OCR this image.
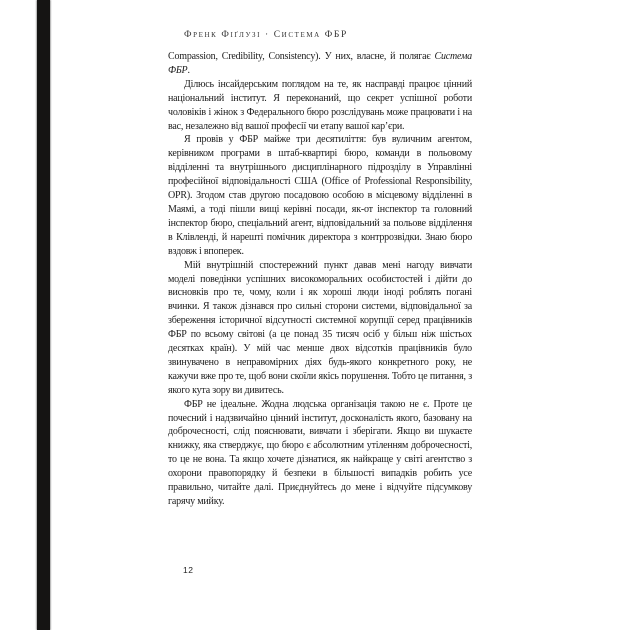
Френк Фіґлузі · Система ФБР

Compassion, Credibility, Consistency). У них, власне, й полягає Система ФБР.

Ділюсь інсайдерським поглядом на те, як насправді працює цінний національний інститут. Я переконаний, що секрет успішної роботи чоловіків і жінок з Федерального бюро розслідувань може працювати і на вас, незалежно від вашої професії чи етапу вашої кар’єри.

Я провів у ФБР майже три десятиліття: був вуличним агентом, керівником програми в штаб-квартирі бюро, команди в польовому відділенні та внутрішнього дисциплінарного підрозділу в Управлінні професійної відповідальності США (Office of Professional Responsibility, OPR). Згодом став другою посадовою особою в місцевому відділенні в Маямі, а тоді пішли вищі керівні посади, як-от інспектор та головний інспектор бюро, спеціальний агент, відповідальний за польове відділення в Клівленді, й нарешті помічник директора з контррозвідки. Знаю бюро вздовж і впоперек.

Мій внутрішній спостережний пункт давав мені нагоду вивчати моделі поведінки успішних високоморальних особистостей і дійти до висновків про те, чому, коли і як хороші люди іноді роблять погані вчинки. Я також дізнався про сильні сторони системи, відповідальної за збереження історичної відсутності системної корупції серед працівників ФБР по всьому світові (а це понад 35 тисяч осіб у більш ніж шістьох десятках країн). У мій час менше двох відсотків працівників було звинувачено в неправомірних діях будь-якого конкретного року, не кажучи вже про те, щоб вони скоїли якісь порушення. Тобто це питання, з якого кута зору ви дивитесь.

ФБР не ідеальне. Жодна людська організація такою не є. Проте це почесний і надзвичайно цінний інститут, досконалість якого, базовану на доброчесності, слід пояснювати, вивчати і зберігати. Якщо ви шукаєте книжку, яка стверджує, що бюро є абсолютним утіленням доброчесності, то це не вона. Та якщо хочете дізнатися, як найкраще у світі агентство з охорони правопорядку й безпеки в більшості випадків робить усе правильно, читайте далі. Приєднуйтесь до мене і відчуйте підсумкову гарячу мийку.

12
